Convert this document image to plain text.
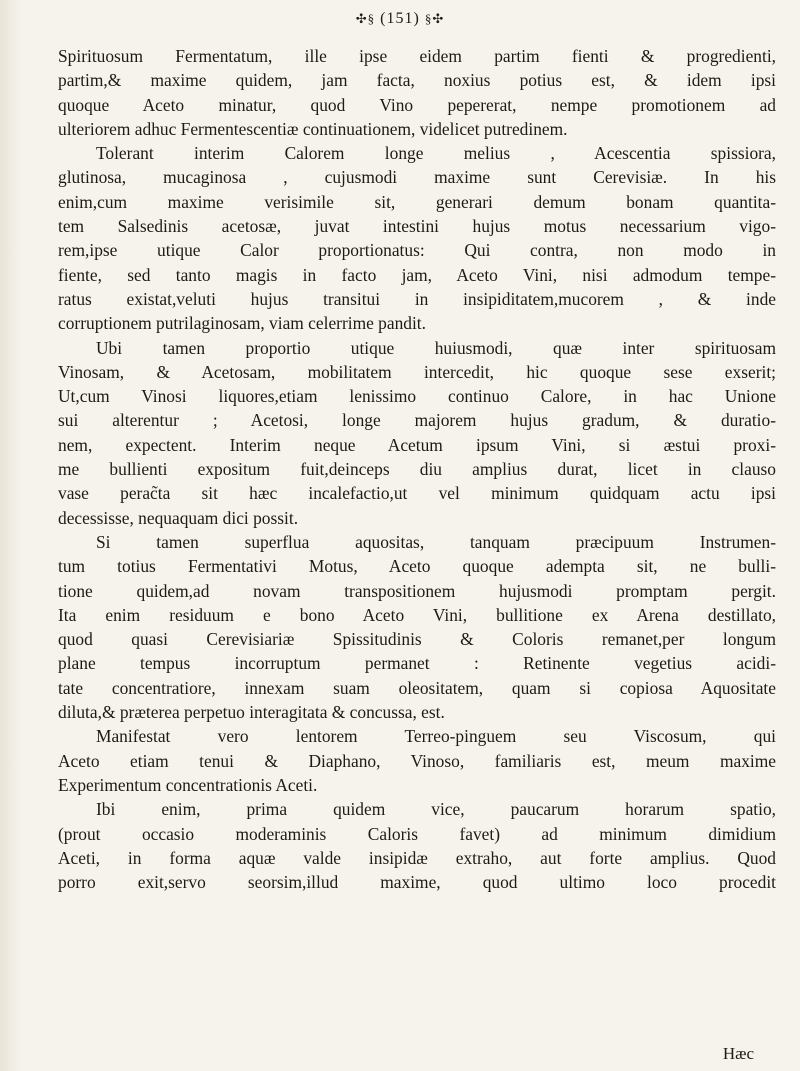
✣§ (151) §✣
Spirituosum Fermentatum, ille ipse eidem partim fienti & progredienti,
partim,& maxime quidem, jam facta, noxius potius est, & idem ipsi
quoque Aceto minatur, quod Vino pepererat, nempe promotionem ad
ulteriorem adhuc Fermentescentiæ continuationem, videlicet putredinem.
Tolerant interim Calorem longe melius , Acescentia spissiora,
glutinosa, mucaginosa , cujusmodi maxime sunt Cerevisiæ. In his
enim,cum maxime verisimile sit, generari demum bonam quantita-
tem Salsedinis acetosæ, juvat intestini hujus motus necessarium vigo-
rem,ipse utique Calor proportionatus: Qui contra, non modo in
fiente, sed tanto magis in facto jam, Aceto Vini, nisi admodum tempe-
ratus existat,veluti hujus transitui in insipiditatem,mucorem , & inde
corruptionem putrilaginosam, viam celerrime pandit.
Ubi tamen proportio utique huiusmodi, quæ inter spirituosam
Vinosam, & Acetosam, mobilitatem intercedit, hic quoque sese exserit;
Ut,cum Vinosi liquores,etiam lenissimo continuo Calore, in hac Unione
sui alterentur ; Acetosi, longe majorem hujus gradum, & duratio-
nem, expectent. Interim neque Acetum ipsum Vini, si æstui proxi-
me bullienti expositum fuit,deinceps diu amplius durat, licet in clauso
vase perac̃ta sit hæc incalefactio,ut vel minimum quidquam actu ipsi
decessisse, nequaquam dici possit.
Si tamen superflua aquositas, tanquam præcipuum Instrumen-
tum totius Fermentativi Motus, Aceto quoque adempta sit, ne bulli-
tione quidem,ad novam transpositionem hujusmodi promptam pergit.
Ita enim residuum e bono Aceto Vini, bullitione ex Arena destillato,
quod quasi Cerevisiariæ Spissitudinis & Coloris remanet,per longum
plane tempus incorruptum permanet : Retinente vegetius acidi-
tate concentratiore, innexam suam oleositatem, quam si copiosa Aquositate
diluta,& præterea perpetuo interagitata & concussa, est.
Manifestat vero lentorem Terreo-pinguem seu Viscosum, qui
Aceto etiam tenui & Diaphano, Vinoso, familiaris est, meum maxime
Experimentum concentrationis Aceti.
Ibi enim, prima quidem vice, paucarum horarum spatio,
(prout occasio moderaminis Caloris favet) ad minimum dimidium
Aceti, in forma aquæ valde insipidæ extraho, aut forte amplius. Quod
porro exit,servo seorsim,illud maxime, quod ultimo loco procedit
Hæc
